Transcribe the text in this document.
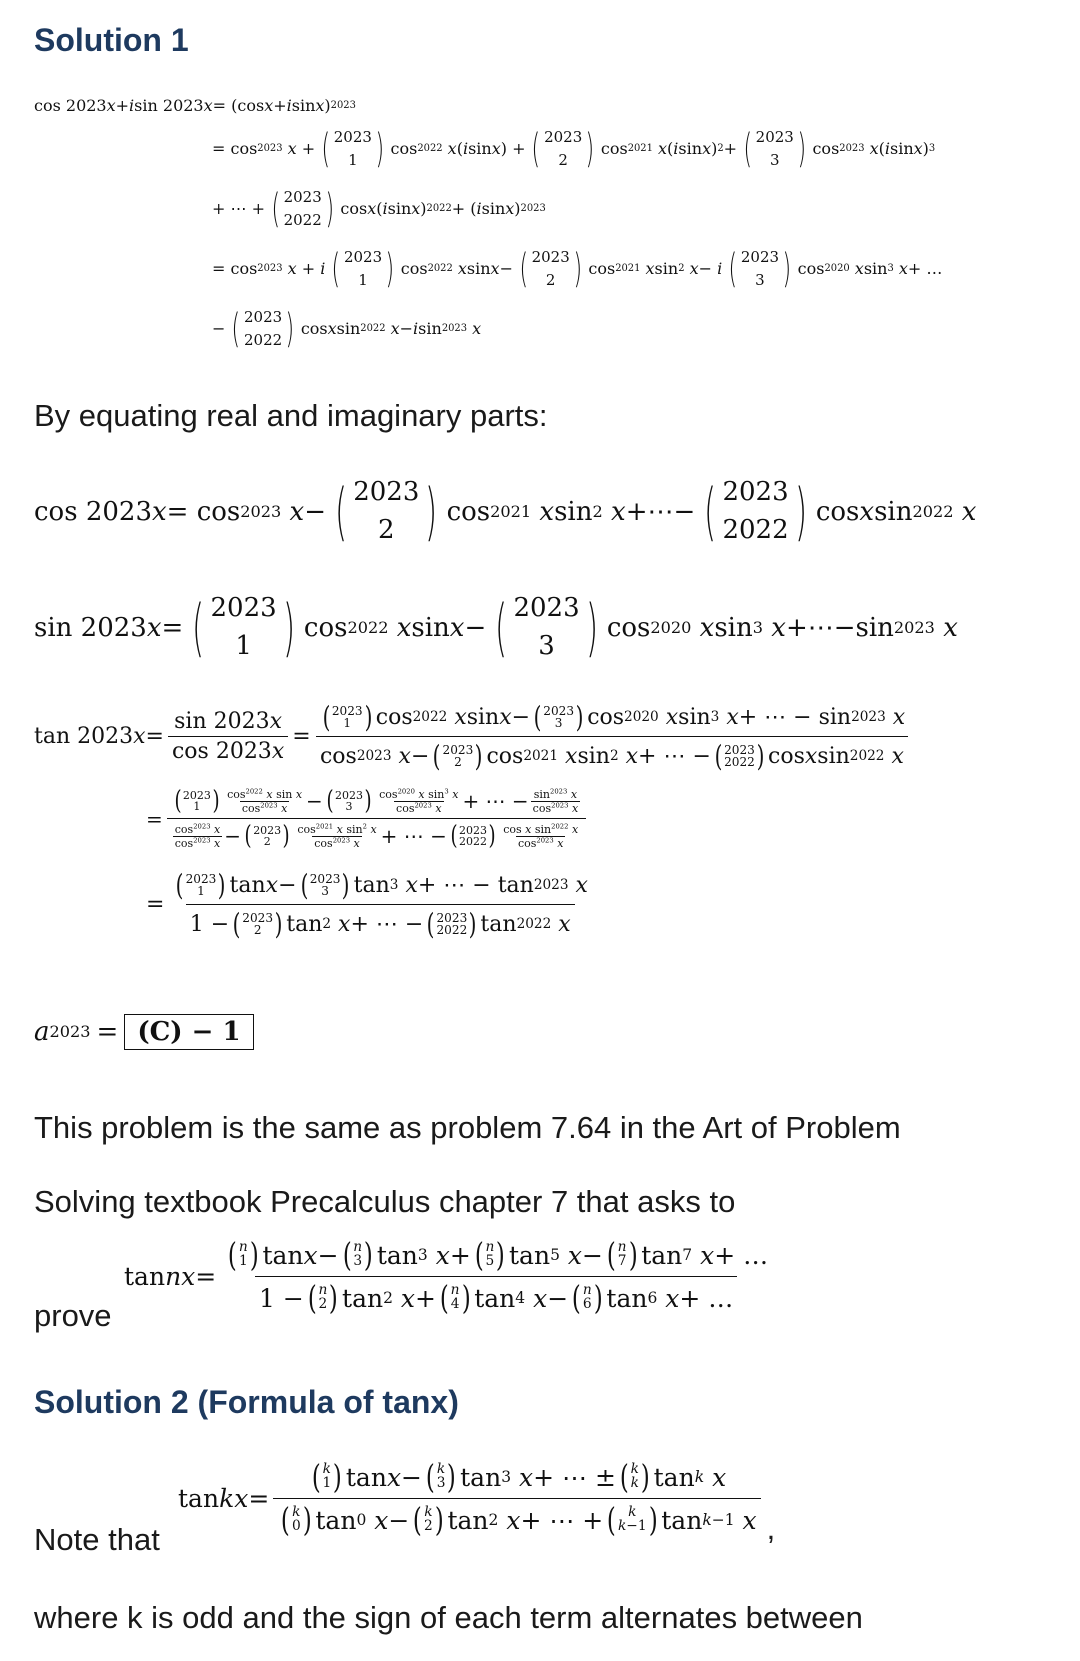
Solution 1
cos 2023 x + i sin 2023 x = (cos x + i sin x ) 2023
= cos 2023
x + ( 2023
1 ) cos 2022
x ( i sin x ) + ( 2023
2 ) cos 2021
x ( i sin x ) 2 + ( 2023
3 ) cos 2023
x ( i sin x ) 3
+ ⋯ + ( 2023
2022 ) cos x ( i sin x ) 2022 + ( i sin x ) 2023
= cos 2023
x + i ( 2023
1 ) cos 2022
x sin x − ( 2023
2 ) cos 2021
x sin 2
x − i ( 2023
3 ) cos 2020
x sin 3
x + …
− ( 2023
2022 ) cos x sin 2022
x − i sin 2023
x
By equating real and imaginary parts:
cos 2023 x = cos 2023
x − ( 2023
2 ) cos 2021
x sin 2
x +⋯− ( 2023
2022 ) cos x sin 2022
x
sin 2023 x = ( 2023
1 ) cos 2022
x sin x − ( 2023
3 ) cos 2020
x sin 3
x +⋯−sin 2023
x
tan 2023 $x = \frac{\sin 2023 x}{\cos 2023 x}$ =
( 2023
1 ) cos 2022
x sin x − ( 2023
3 ) cos 2020
x sin 3
x + ⋯ − sin 2023
x
cos 2023
x − ( 2023
2 ) cos 2021
x sin 2
x + ⋯ − ( 2023
2022 ) cos x sin 2022
x
=
( 2023
1 ) $\cos^{2022} x$ sin x
$\cos^{2023} x$ − ( 2023
3 ) $\cos^{2020} x$ $\sin^3 x$
$\cos^{2023} x$ + ⋯ − $\sin^{2023} x$
$\cos^{2023} x$
$\cos^{2023} x$
$\cos^{2023} x$ − ( 2023
2 ) $\cos^{2021} x$ $\sin^2 x$
$\cos^{2023} x$ + ⋯ − ( 2023
2022 ) cos x $\sin^{2022} x$
$\cos^{2023} x$
=
( 2023
1 ) tan x − ( 2023
3 ) tan 3
x + ⋯ − tan 2023
x
1 − ( 2023
2 ) tan 2
x + ⋯ − ( 2023
2022 ) tan 2022
x
a 2023 = (C) − 1
This problem is the same as problem 7.64 in the Art of Problem
Solving textbook Precalculus chapter 7 that asks to
prove
tan nx =
( n
1 ) tan x − ( n
3 ) tan 3
x + ( n
5 ) tan 5
x − ( n
7 ) tan 7
x + …
1 − ( n
2 ) tan 2
x + ( n
4 ) tan 4
x − ( n
6 ) tan 6
x + …
Solution 2 (Formula of tanx)
Note that
tan kx =
( k
1 ) tan x − ( k
3 ) tan 3
x + ⋯ ± ( k
k ) tan k
x
( k
0 ) tan 0
x − ( k
2 ) tan 2
x + ⋯ + ( k
k−1 ) tan k−1
x ,
where k is odd and the sign of each term alternates between
